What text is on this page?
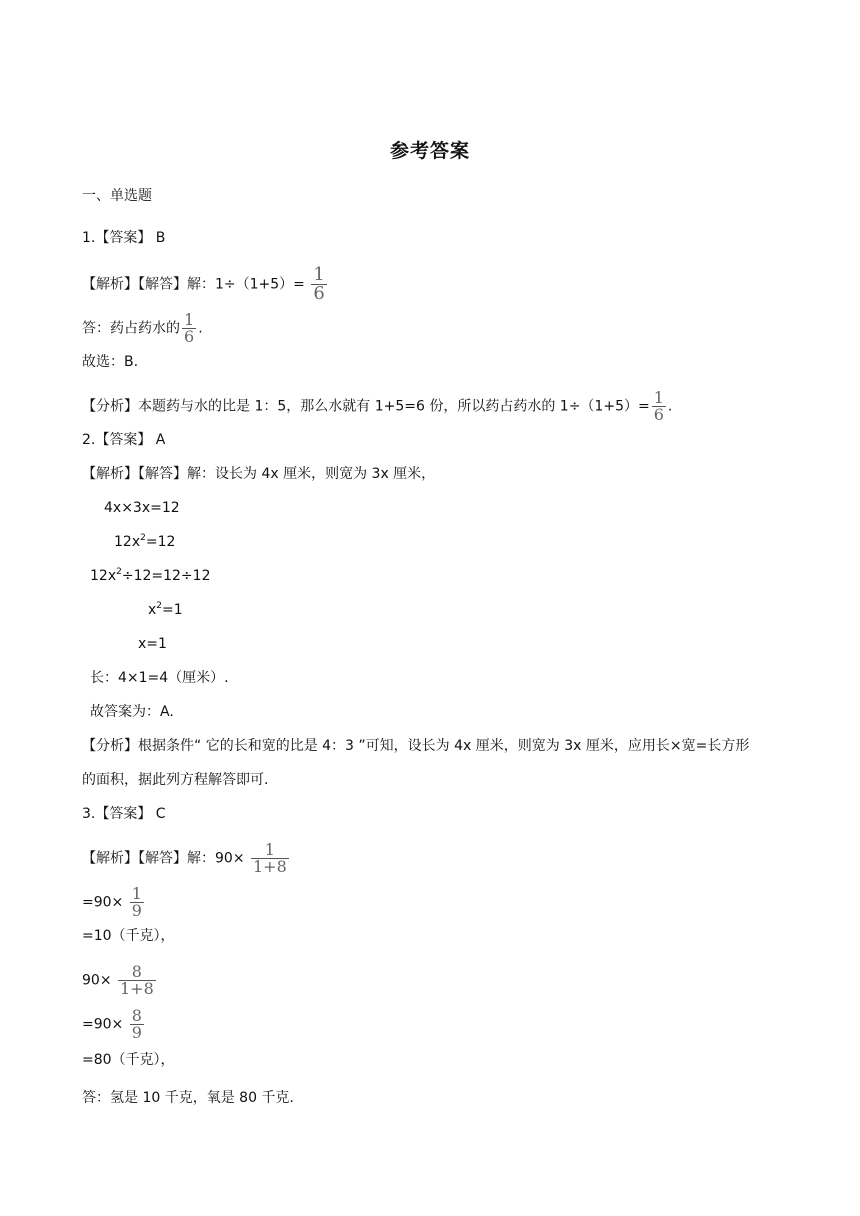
参考答案
一、单选题
1.【答案】 B
【解析】【解答】解：$1\div(1+5)= \frac{1}{6}$
答：药占药水的 $\frac{1}{6}$ .
故选：B.
【分析】本题药与水的比是 1：5，那么水就有 1+5=6 份，所以药占药水的 $1\div(1+5)= \frac{1}{6}$ .
2.【答案】 A
【解析】【解答】解：设长为 4x 厘米，则宽为 3x 厘米，
4x×3x=12
$12x^2=12$
$12x^2\div 12=12\div 12$
$x^2=1$
x=1
长：4×1=4（厘米）.
故答案为：A.
【分析】根据条件“ 它的长和宽的比是 4：3 ”可知，设长为 4x 厘米，则宽为 3x 厘米，应用长×宽=长方形
的面积，据此列方程解答即可.
3.【答案】 C
【解析】【解答】解：$90\times \frac{1}{1+8}$
$=90\times \frac{1}{9}$
=10（千克），
$90\times \frac{8}{1+8}$
$=90\times \frac{8}{9}$
=80（千克），
答：氢是 10 千克，氧是 80 千克.
